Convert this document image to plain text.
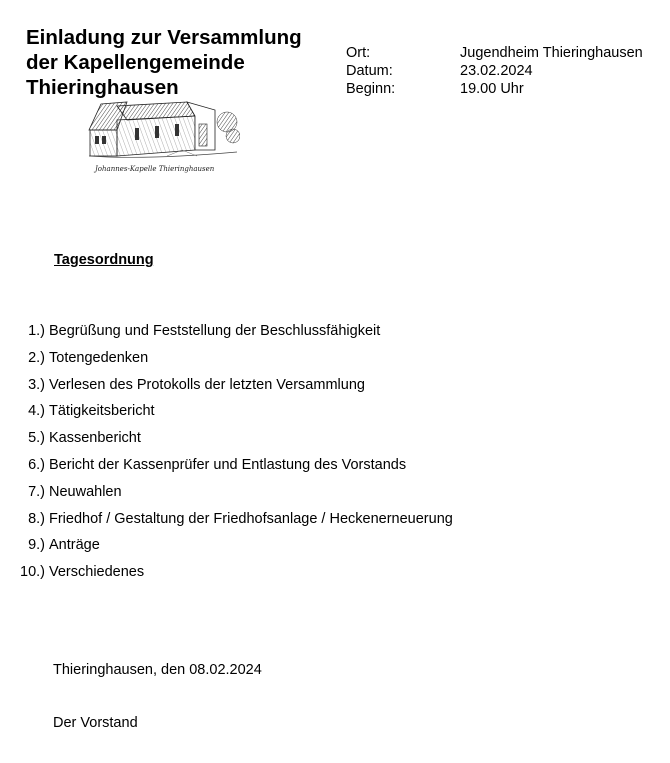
Einladung zur Versammlung
der Kapellengemeinde
Thieringhausen
Ort:	Jugendheim Thieringhausen
Datum:	23.02.2024
Beginn:	19.00 Uhr
Johannes-Kapelle Thieringhausen
Tagesordnung
1.) Begrüßung und Feststellung der Beschlussfähigkeit
2.) Totengedenken
3.) Verlesen des Protokolls der letzten Versammlung
4.) Tätigkeitsbericht
5.) Kassenbericht
6.) Bericht der Kassenprüfer und Entlastung des Vorstands
7.) Neuwahlen
8.) Friedhof / Gestaltung der Friedhofsanlage / Heckenerneuerung
9.) Anträge
10.) Verschiedenes
Thieringhausen, den 08.02.2024
Der Vorstand
